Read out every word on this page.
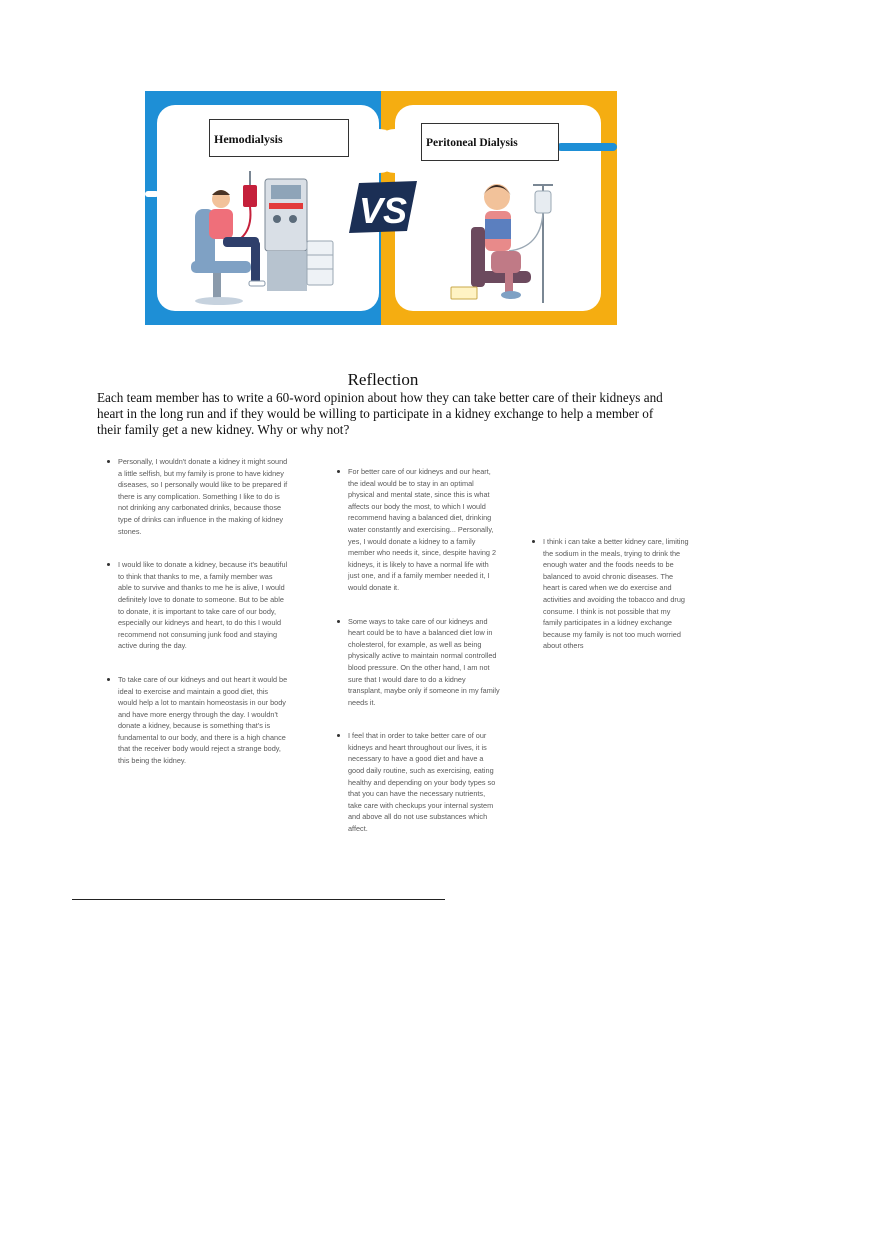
VS
Hemodialysis	Peritoneal Dialysis
Reflection

Each team member has to write a 60-word opinion about how they can take better care of their kidneys and heart in the long run and if they would be willing to participate in a kidney exchange to help a member of their family get a new kidney. Why or why not?

Personally, I wouldn't donate a kidney it might sound a little selfish, but my family is prone to have kidney diseases, so I personally would like to be prepared if there is any complication. Something I like to do is not drinking any carbonated drinks, because those type of drinks can influence in the making of kidney stones.
I would like to donate a kidney, because it's beautiful to think that thanks to me, a family member was able to survive and thanks to me he is alive, I would definitely love to donate to someone. But to be able to donate, it is important to take care of our body, especially our kidneys and heart, to do this I would recommend not consuming junk food and staying active during the day.
To take care of our kidneys and out heart it would be ideal to exercise and maintain a good diet, this would help a lot to mantain homeostasis in our body and have more energy through the day. I wouldn't donate a kidney, because is something that's is fundamental to our body, and there is a high chance that the receiver body would reject a strange body, this being the kidney.
For better care of our kidneys and our heart, the ideal would be to stay in an optimal physical and mental state, since this is what affects our body the most, to which I would recommend having a balanced diet, drinking water constantly and exercising... Personally, yes, I would donate a kidney to a family member who needs it, since, despite having 2 kidneys, it is likely to have a normal life with just one, and if a family member needed it, I would donate it.
Some ways to take care of our kidneys and heart could be to have a balanced diet low in cholesterol, for example, as well as being physically active to maintain normal controlled blood pressure. On the other hand, I am not sure that I would dare to do a kidney transplant, maybe only if someone in my family needs it.
I feel that in order to take better care of our kidneys and heart throughout our lives, it is necessary to have a good diet and have a good daily routine, such as exercising, eating healthy and depending on your body types so that you can have the necessary nutrients, take care with checkups your internal system and above all do not use substances which affect.
I think i can take a better kidney care, limiting the sodium in the meals, trying to drink the enough water and the foods needs to be balanced to avoid chronic diseases. The heart is cared when we do exercise and activities and avoiding the tobacco and drug consume. I think is not possible that my family participates in a kidney exchange because my family is not too much worried about others
